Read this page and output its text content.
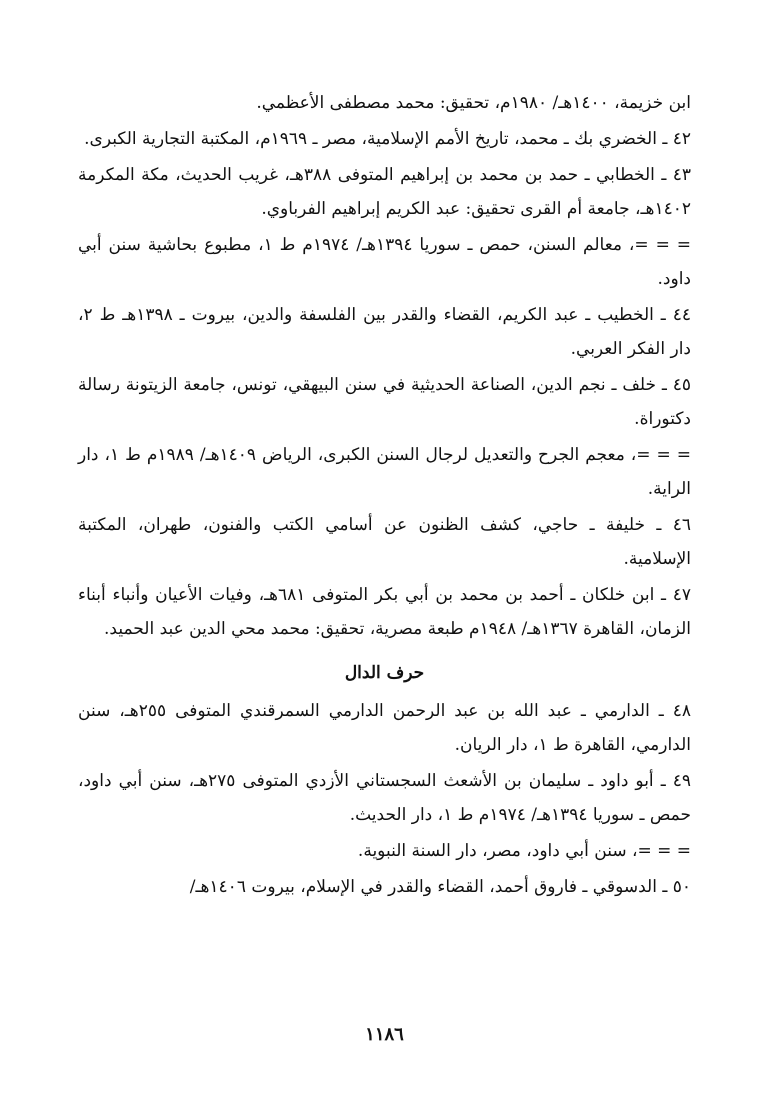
ابن خزيمة، ١٤٠٠هـ/ ١٩٨٠م، تحقيق: محمد مصطفى الأعظمي.

٤٢ ـ الخضري بك ـ محمد، تاريخ الأمم الإسلامية، مصر ـ ١٩٦٩م، المكتبة التجارية الكبرى.

٤٣ ـ الخطابي ـ حمد بن محمد بن إبراهيم المتوفى ٣٨٨هـ، غريب الحديث، مكة المكرمة ١٤٠٢هـ، جامعة أم القرى تحقيق: عبد الكريم إبراهيم الفرباوي.

= = =، معالم السنن، حمص ـ سوريا ١٣٩٤هـ/ ١٩٧٤م ط ١، مطبوع بحاشية سنن أبي داود.

٤٤ ـ الخطيب ـ عبد الكريم، القضاء والقدر بين الفلسفة والدين، بيروت ـ ١٣٩٨هـ ط ٢، دار الفكر العربي.

٤٥ ـ خلف ـ نجم الدين، الصناعة الحديثية في سنن البيهقي، تونس، جامعة الزيتونة رسالة دكتوراة.

= = =، معجم الجرح والتعديل لرجال السنن الكبرى، الرياض ١٤٠٩هـ/ ١٩٨٩م ط ١، دار الراية.

٤٦ ـ خليفة ـ حاجي، كشف الظنون عن أسامي الكتب والفنون، طهران، المكتبة الإسلامية.

٤٧ ـ ابن خلكان ـ أحمد بن محمد بن أبي بكر المتوفى ٦٨١هـ، وفيات الأعيان وأنباء أبناء الزمان، القاهرة ١٣٦٧هـ/ ١٩٤٨م طبعة مصرية، تحقيق: محمد محي الدين عبد الحميد.

حرف الدال

٤٨ ـ الدارمي ـ عبد الله بن عبد الرحمن الدارمي السمرقندي المتوفى ٢٥٥هـ، سنن الدارمي، القاهرة ط ١، دار الريان.

٤٩ ـ أبو داود ـ سليمان بن الأشعث السجستاني الأزدي المتوفى ٢٧٥هـ، سنن أبي داود، حمص ـ سوريا ١٣٩٤هـ/ ١٩٧٤م ط ١، دار الحديث.

= = =، سنن أبي داود، مصر، دار السنة النبوية.

٥٠ ـ الدسوقي ـ فاروق أحمد، القضاء والقدر في الإسلام، بيروت ١٤٠٦هـ/

١١٨٦
